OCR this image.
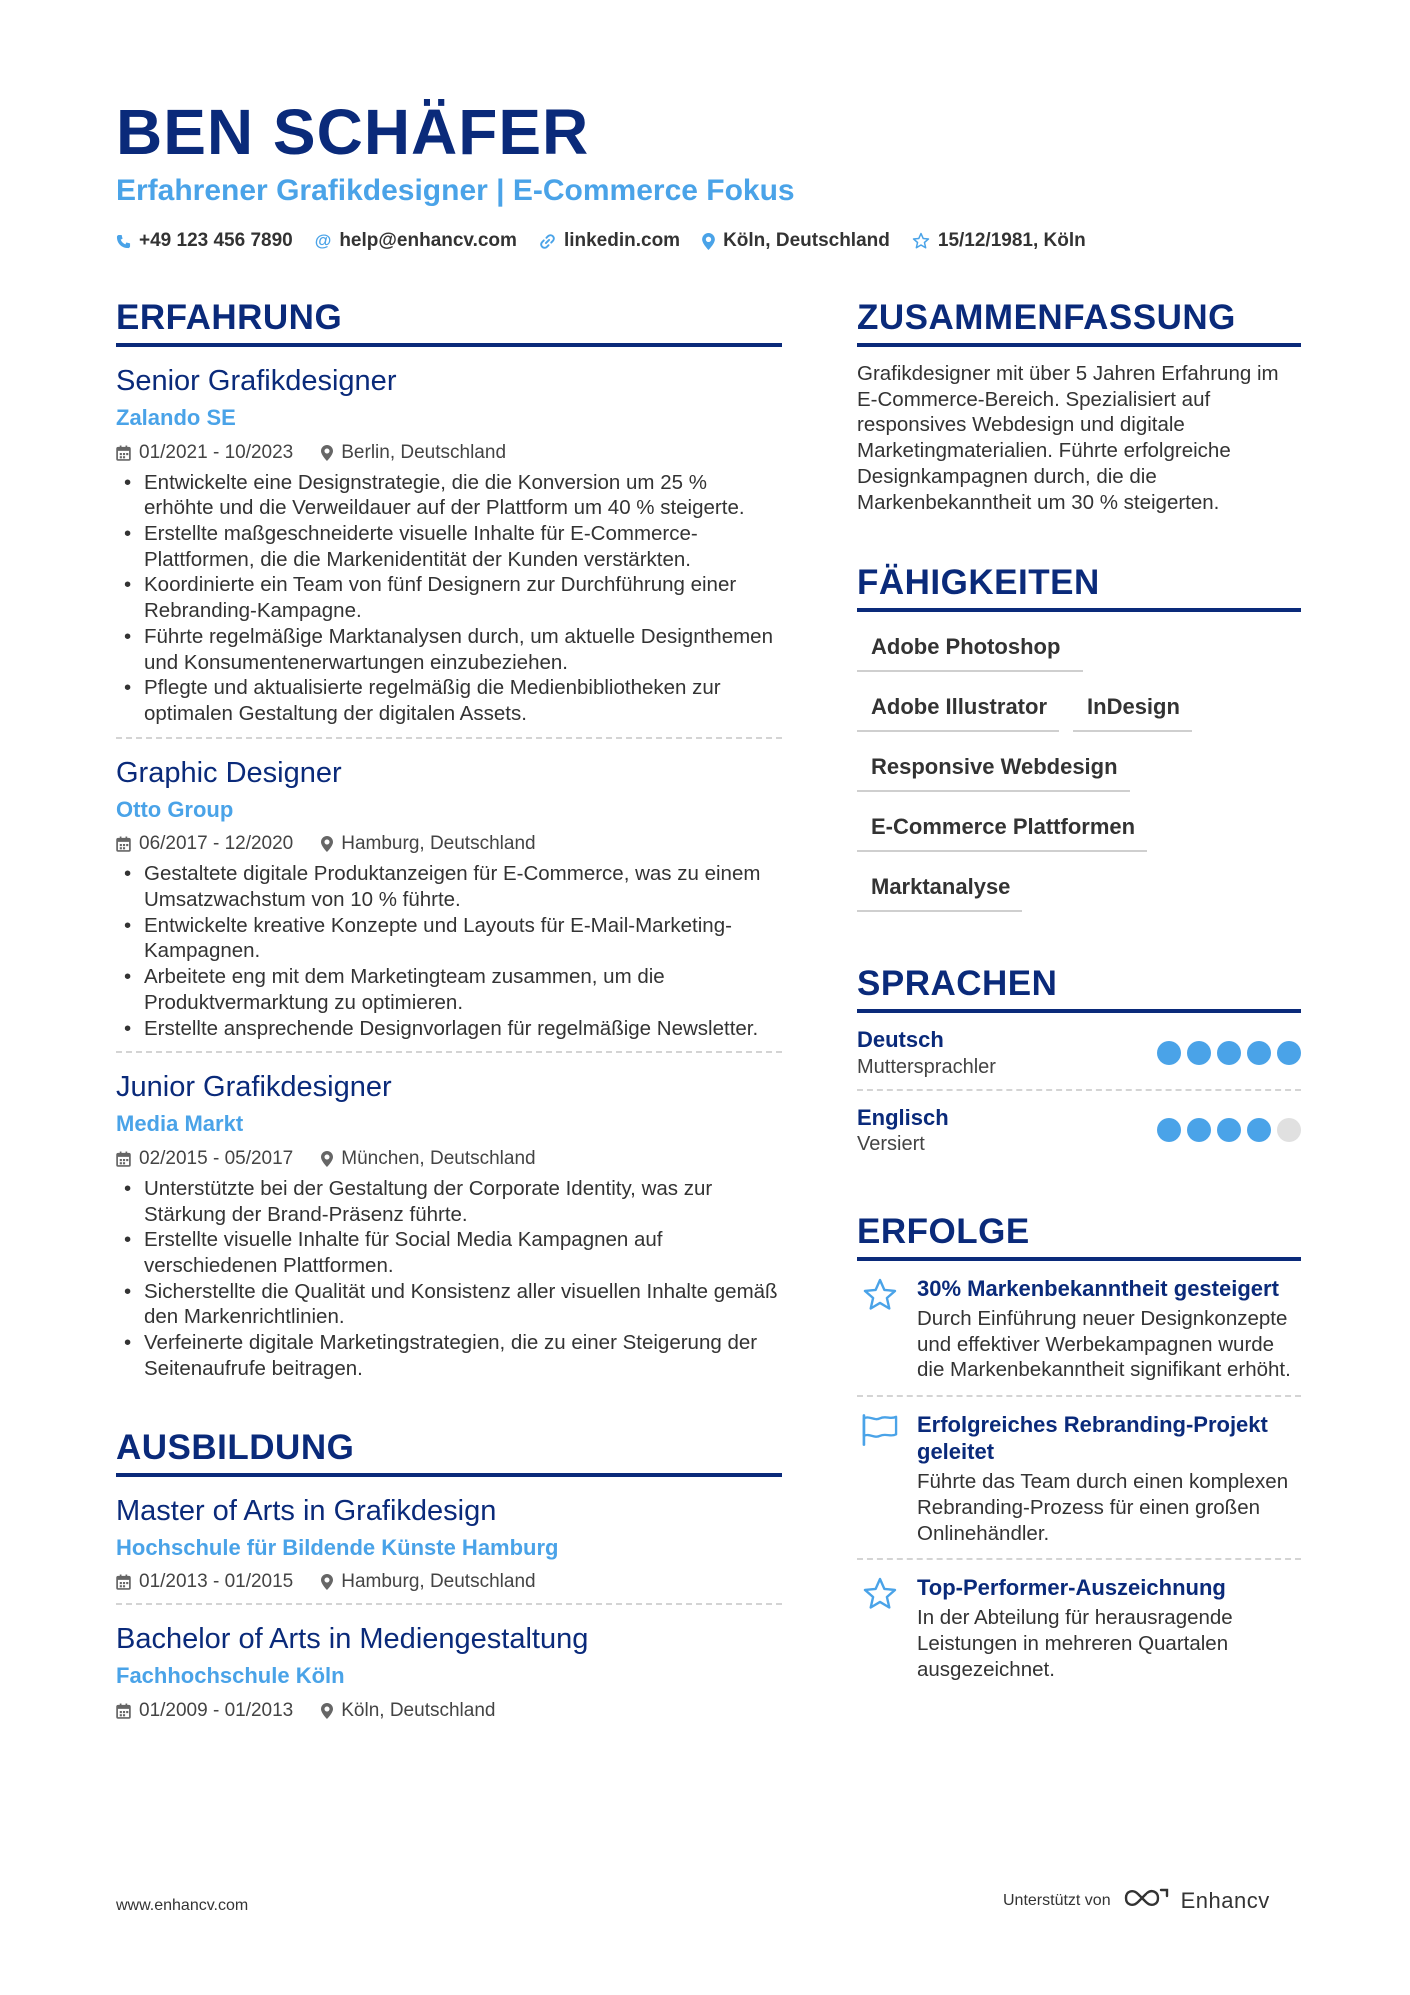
BEN SCHÄFER
Erfahrener Grafikdesigner | E-Commerce Fokus
+49 123 456 7890 @ help@enhancv.com linkedin.com Köln, Deutschland	15/12/1981, Köln
ERFAHRUNG
Senior Grafikdesigner
Zalando SE
01/2021 - 10/2023	Berlin, Deutschland
• Entwickelte eine Designstrategie, die die Konversion um 25 % erhöhte und die Verweildauer auf der Plattform um 40 % steigerte.
• Erstellte maßgeschneiderte visuelle Inhalte für E-Commerce-Plattformen, die die Markenidentität der Kunden verstärkten.
• Koordinierte ein Team von fünf Designern zur Durchführung einer Rebranding-Kampagne.
• Führte regelmäßige Marktanalysen durch, um aktuelle Designthemen und Konsumentenerwartungen einzubeziehen.
• Pflegte und aktualisierte regelmäßig die Medienbibliotheken zur optimalen Gestaltung der digitalen Assets.
Graphic Designer
Otto Group
06/2017 - 12/2020	Hamburg, Deutschland
• Gestaltete digitale Produktanzeigen für E-Commerce, was zu einem Umsatzwachstum von 10 % führte.
• Entwickelte kreative Konzepte und Layouts für E-Mail-Marketing-Kampagnen.
• Arbeitete eng mit dem Marketingteam zusammen, um die Produktvermarktung zu optimieren.
• Erstellte ansprechende Designvorlagen für regelmäßige Newsletter.
Junior Grafikdesigner
Media Markt
02/2015 - 05/2017	München, Deutschland
• Unterstützte bei der Gestaltung der Corporate Identity, was zur Stärkung der Brand-Präsenz führte.
• Erstellte visuelle Inhalte für Social Media Kampagnen auf verschiedenen Plattformen.
• Sicherstellte die Qualität und Konsistenz aller visuellen Inhalte gemäß den Markenrichtlinien.
• Verfeinerte digitale Marketingstrategien, die zu einer Steigerung der Seitenaufrufe beitragen.
AUSBILDUNG
Master of Arts in Grafikdesign
Hochschule für Bildende Künste Hamburg
01/2013 - 01/2015	Hamburg, Deutschland
Bachelor of Arts in Mediengestaltung
Fachhochschule Köln
01/2009 - 01/2013	Köln, Deutschland
ZUSAMMENFASSUNG
Grafikdesigner mit über 5 Jahren Erfahrung im E-Commerce-Bereich. Spezialisiert auf responsives Webdesign und digitale Marketingmaterialien. Führte erfolgreiche Designkampagnen durch, die die Markenbekanntheit um 30 % steigerten.
FÄHIGKEITEN
Adobe Photoshop
Adobe Illustrator	InDesign
Responsive Webdesign
E-Commerce Plattformen
Marktanalyse
SPRACHEN
Deutsch
Muttersprachler
Englisch
Versiert
ERFOLGE
30% Markenbekanntheit gesteigert
Durch Einführung neuer Designkonzepte und effektiver Werbekampagnen wurde die Markenbekanntheit signifikant erhöht.
Erfolgreiches Rebranding-Projekt geleitet
Führte das Team durch einen komplexen Rebranding-Prozess für einen großen Onlinehändler.
Top-Performer-Auszeichnung
In der Abteilung für herausragende Leistungen in mehreren Quartalen ausgezeichnet.
www.enhancv.com	Unterstützt von	Enhancv
